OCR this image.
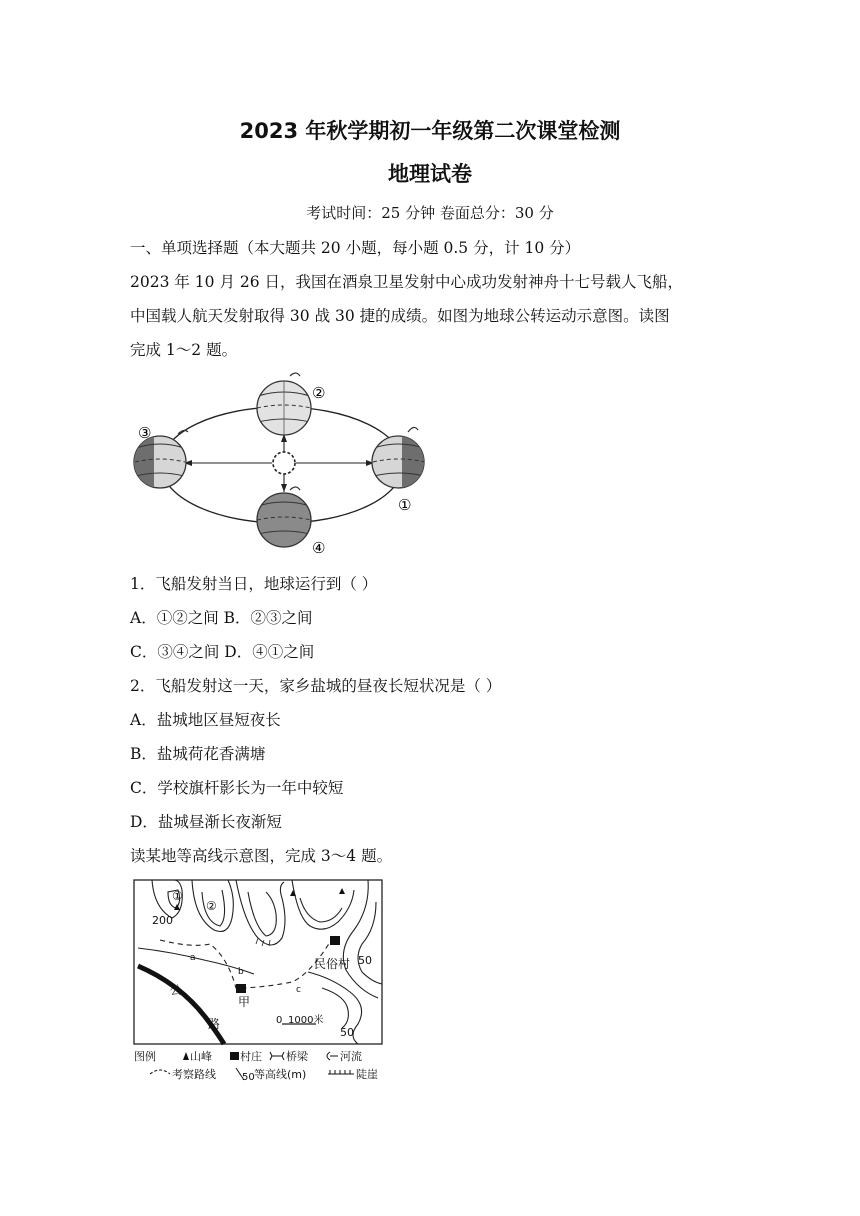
2023 年秋学期初一年级第二次课堂检测
地理试卷
考试时间：25 分钟 卷面总分：30 分
一、单项选择题（本大题共 20 小题，每小题 0.5 分，计 10 分）
2023 年 10 月 26 日，我国在酒泉卫星发射中心成功发射神舟十七号载人飞船，
中国载人航天发射取得 30 战 30 捷的成绩。如图为地球公转运动示意图。读图
完成 1～2 题。
①
②
③
④
1．飞船发射当日，地球运行到（ ）
A．①②之间 B．②③之间
C．③④之间 D．④①之间
2．飞船发射这一天，家乡盐城的昼夜长短状况是（ ）
A．盐城地区昼短夜长
B．盐城荷花香满塘
C．学校旗杆影长为一年中较短
D．盐城昼渐长夜渐短
读某地等高线示意图，完成 3～4 题。
①
②
200
a
b
c
甲
民俗村 50
50
公
路	0 1000米
图例	山峰	村庄 桥梁	河流
考察路线	50 等高线(m)	陡崖
